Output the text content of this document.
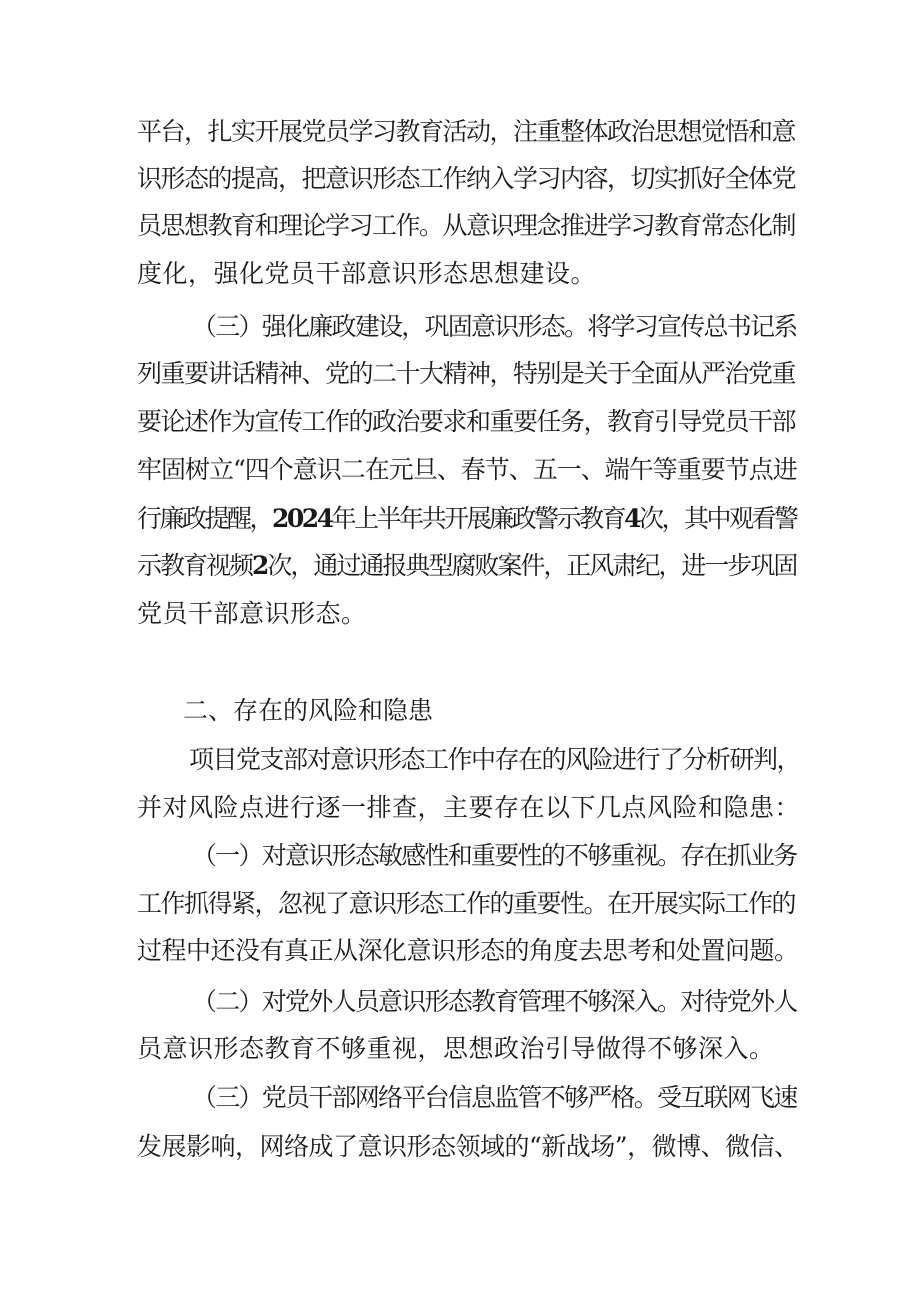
平台，扎实开展党员学习教育活动，注重整体政治思想觉悟和意
识形态的提高，把意识形态工作纳入学习内容，切实抓好全体党
员思想教育和理论学习工作。从意识理念推进学习教育常态化制
度化，强化党员干部意识形态思想建设。
（三）强化廉政建设，巩固意识形态。将学习宣传总书记系
列重要讲话精神、党的二十大精神，特别是关于全面从严治党重
要论述作为宣传工作的政治要求和重要任务，教育引导党员干部
牢固树立“四个意识二在元旦、春节、五一、端午等重要节点进
行廉政提醒，2024年上半年共开展廉政警示教育4次，其中观看警
示教育视频2次，通过通报典型腐败案件，正风肃纪，进一步巩固
党员干部意识形态。
二、存在的风险和隐患
项目党支部对意识形态工作中存在的风险进行了分析研判，
并对风险点进行逐一排查，主要存在以下几点风险和隐患：
（一）对意识形态敏感性和重要性的不够重视。存在抓业务
工作抓得紧，忽视了意识形态工作的重要性。在开展实际工作的
过程中还没有真正从深化意识形态的角度去思考和处置问题。
（二）对党外人员意识形态教育管理不够深入。对待党外人
员意识形态教育不够重视，思想政治引导做得不够深入。
（三）党员干部网络平台信息监管不够严格。受互联网飞速
发展影响，网络成了意识形态领域的“新战场”，微博、微信、
